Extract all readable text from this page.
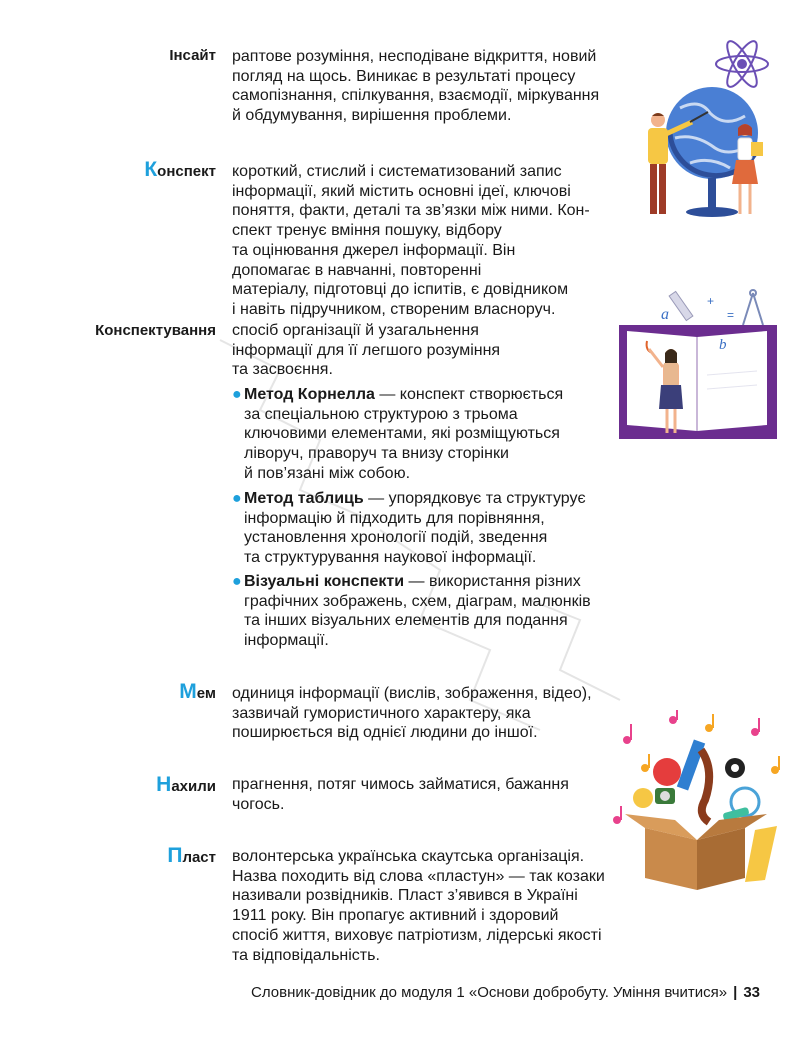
Інсайт раптове розуміння, несподіване відкриття, новий

погляд на щось. Виникає в результаті процесу

самопізнання, спілкування, взаємодії, міркування

й обдумування, вирішення проблеми.

Конспект короткий, стислий і систематизований запис

інформації, який містить основні ідеї, ключові

поняття, факти, деталі та зв’язки між ними. Кон-

спект тренує вміння пошуку, відбору

та оцінювання джерел інформації. Він

допомагає в навчанні, повторенні

матеріалу, підготовці до іспитів, є довідником

і навіть підручником, створеним власноруч.

Конспектування спосіб організації й узагальнення

інформації для її легшого розуміння

та засвоєння.

● Метод Корнелла — конспект створюється

за спеціальною структурою з трьома

ключовими елементами, які розміщуються

ліворуч, праворуч та внизу сторінки

й пов’язані між собою.

● Метод таблиць — упорядковує та структурує

інформацію й підходить для порівняння,

установлення хронології подій, зведення

та структурування наукової інформації.

● Візуальні конспекти — використання різних

графічних зображень, схем, діаграм, малюнків

та інших візуальних елементів для подання

інформації.

Мем одиниця інформації (вислів, зображення, відео),

зазвичай гумористичного характеру, яка

поширюється від однієї людини до іншої.

Нахили прагнення, потяг чимось займатися, бажання

чогось.

Пласт волонтерська українська скаутська організація.

Назва походить від слова «пластун» — так козаки

називали розвідників. Пласт з’явився в Україні

1911 року. Він пропагує активний і здоровий

спосіб життя, виховує патріотизм, лідерські якості

та відповідальність.

a
+
=
b
Словник-довідник до модуля 1 «Основи добробуту. Уміння вчитися» | 33
